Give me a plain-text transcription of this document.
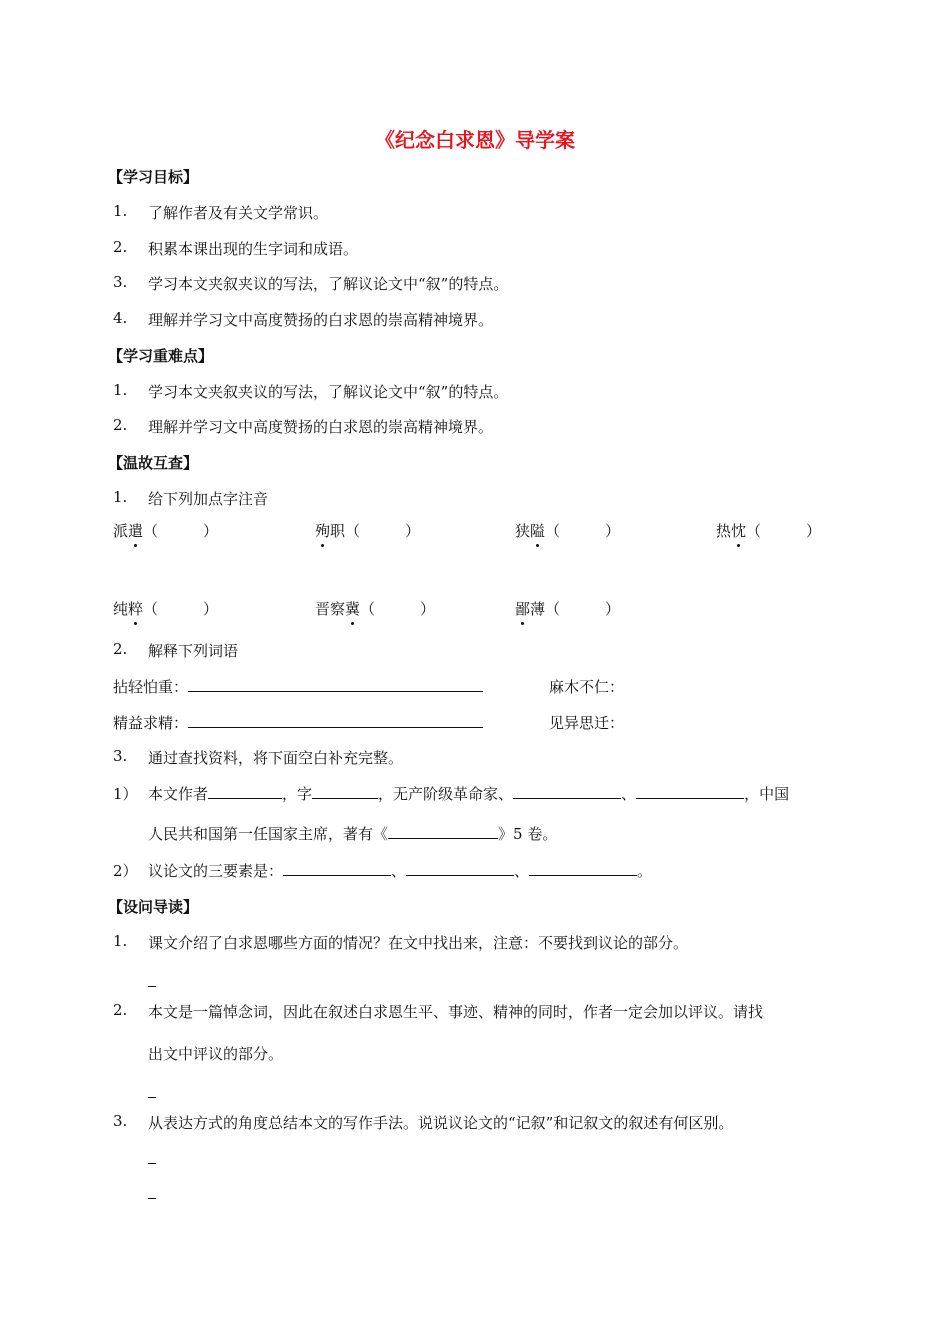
《纪念白求恩》导学案
【学习目标】
1. 了解作者及有关文学常识。
2. 积累本课出现的生字词和成语。
3. 学习本文夹叙夹议的写法，了解议论文中“叙”的特点。
4. 理解并学习文中高度赞扬的白求恩的崇高精神境界。
【学习重难点】
1. 学习本文夹叙夹议的写法，了解议论文中“叙”的特点。
2. 理解并学习文中高度赞扬的白求恩的崇高精神境界。
【温故互查】
1. 给下列加点字注音
派遣（　　　）	殉职（　　　）	狭隘（　　　）	热忱（　　　）
纯粹（　　　）	晋察冀（　　　）	鄙薄（　　　）
2. 解释下列词语
拈轻怕重：	麻木不仁：
精益求精：	见异思迁：
3. 通过查找资料，将下面空白补充完整。
1） 本文作者	，字	，无产阶级革命家、	、	，中国
人民共和国第一任国家主席，著有《	》5 卷。
2） 议论文的三要素是：	、	、	。
【设问导读】
1. 课文介绍了白求恩哪些方面的情况？在文中找出来，注意：不要找到议论的部分。
2. 本文是一篇悼念词，因此在叙述白求恩生平、事迹、精神的同时，作者一定会加以评议。请找
出文中评议的部分。
3. 从表达方式的角度总结本文的写作手法。说说议论文的“记叙”和记叙文的叙述有何区别。
